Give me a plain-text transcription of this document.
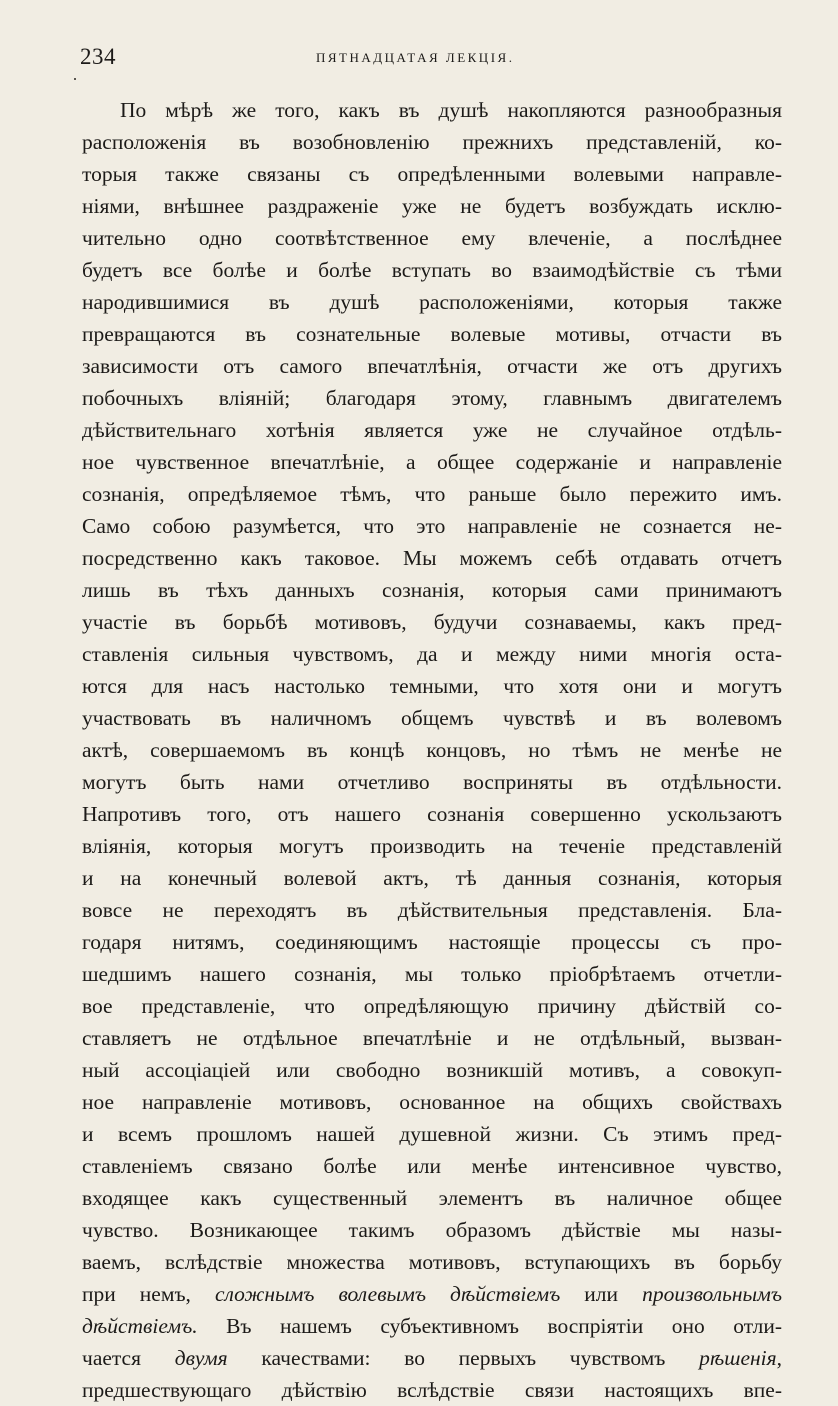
234	ПЯТНАДЦАТАЯ ЛЕКЦІЯ.
По мѣрѣ же того, какъ въ душѣ накопляются разнообразныя
расположенія въ возобновленію прежнихъ представленій, ко-
торыя также связаны съ опредѣленными волевыми направле-
ніями, внѣшнее раздраженіе уже не будетъ возбуждать исклю-
чительно одно соотвѣтственное ему влеченіе, а послѣднее
будетъ все болѣе и болѣе вступать во взаимодѣйствіе съ тѣми
народившимися въ душѣ расположеніями, которыя также
превращаются въ сознательные волевые мотивы, отчасти въ
зависимости отъ самого впечатлѣнія, отчасти же отъ другихъ
побочныхъ вліяній; благодаря этому, главнымъ двигателемъ
дѣйствительнаго хотѣнія является уже не случайное отдѣль-
ное чувственное впечатлѣніе, а общее содержаніе и направленіе
сознанія, опредѣляемое тѣмъ, что раньше было пережито имъ.
Само собою разумѣется, что это направленіе не сознается не-
посредственно какъ таковое. Мы можемъ себѣ отдавать отчетъ
лишь въ тѣхъ данныхъ сознанія, которыя сами принимаютъ
участіе въ борьбѣ мотивовъ, будучи сознаваемы, какъ пред-
ставленія сильныя чувствомъ, да и между ними многія оста-
ются для насъ настолько темными, что хотя они и могутъ
участвовать въ наличномъ общемъ чувствѣ и въ волевомъ
актѣ, совершаемомъ въ концѣ концовъ, но тѣмъ не менѣе не
могутъ быть нами отчетливо восприняты въ отдѣльности.
Напротивъ того, отъ нашего сознанія совершенно ускользаютъ
вліянія, которыя могутъ производить на теченіе представленій
и на конечный волевой актъ, тѣ данныя сознанія, которыя
вовсе не переходятъ въ дѣйствительныя представленія. Бла-
годаря нитямъ, соединяющимъ настоящіе процессы съ про-
шедшимъ нашего сознанія, мы только пріобрѣтаемъ отчетли-
вое представленіе, что опредѣляющую причину дѣйствій со-
ставляетъ не отдѣльное впечатлѣніе и не отдѣльный, вызван-
ный ассоціаціей или свободно возникшій мотивъ, а совокуп-
ное направленіе мотивовъ, основанное на общихъ свойствахъ
и всемъ прошломъ нашей душевной жизни. Съ этимъ пред-
ставленіемъ связано болѣе или менѣе интенсивное чувство,
входящее какъ существенный элементъ въ наличное общее
чувство. Возникающее такимъ образомъ дѣйствіе мы назы-
ваемъ, вслѣдствіе множества мотивовъ, вступающихъ въ борьбу
при немъ, сложнымъ волевымъ дѣйствіемъ или произвольнымъ
дѣйствіемъ. Въ нашемъ субъективномъ воспріятіи оно отли-
чается двумя качествами: во первыхъ чувствомъ рѣшенія,
предшествующаго дѣйствію вслѣдствіе связи настоящихъ впе-
